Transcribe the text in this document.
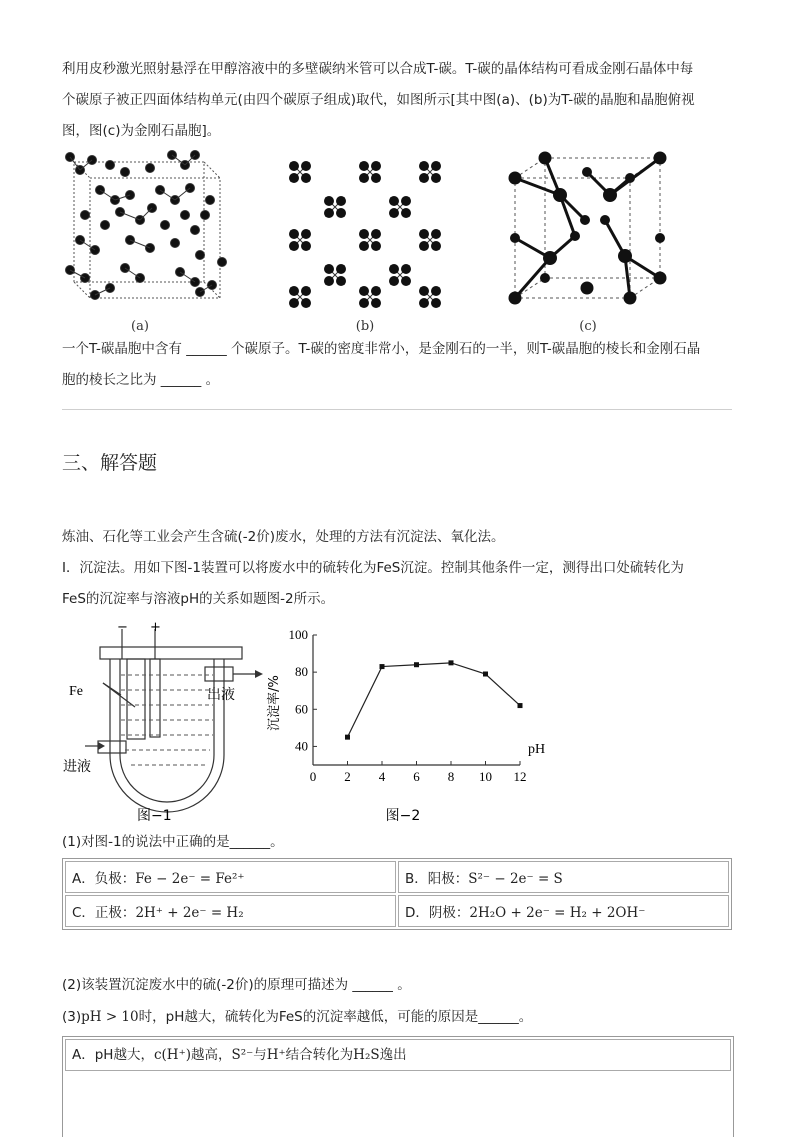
利用皮秒激光照射悬浮在甲醇溶液中的多壁碳纳米管可以合成T-碳。T-碳的晶体结构可看成金刚石晶体中每
个碳原子被正四面体结构单元(由四个碳原子组成)取代，如图所示[其中图(a)、(b)为T-碳的晶胞和晶胞俯视
图，图(c)为金刚石晶胞]。
(a)	(b)	(c)
一个T-碳晶胞中含有 ______ 个碳原子。T-碳的密度非常小，是金刚石的一半，则T-碳晶胞的棱长和金刚石晶
胞的棱长之比为 ______ 。
三、解答题
炼油、石化等工业会产生含硫(-2价)废水，处理的方法有沉淀法、氧化法。
Ⅰ．沉淀法。用如下图-1装置可以将废水中的硫转化为FeS沉淀。控制其他条件一定，测得出口处硫转化为
FeS的沉淀率与溶液pH的关系如题图-2所示。
− +
Fe	出液
进液
图−1
0 2 4 6 8 10 12
40
60
80
100
pH
沉淀率/%
图−2
(1)对图-1的说法中正确的是______。
A．负极：Fe − 2e⁻ = Fe²⁺	B．阳极：S²⁻ − 2e⁻ = S
C．正极：2H⁺ + 2e⁻ = H₂	D．阴极：2H₂O + 2e⁻ = H₂ + 2OH⁻
(2)该装置沉淀废水中的硫(-2价)的原理可描述为 ______ 。
(3)pH > 10时，pH越大，硫转化为FeS的沉淀率越低，可能的原因是______。
A．pH越大，c(H⁺)越高，S²⁻与H⁺结合转化为H₂S逸出
